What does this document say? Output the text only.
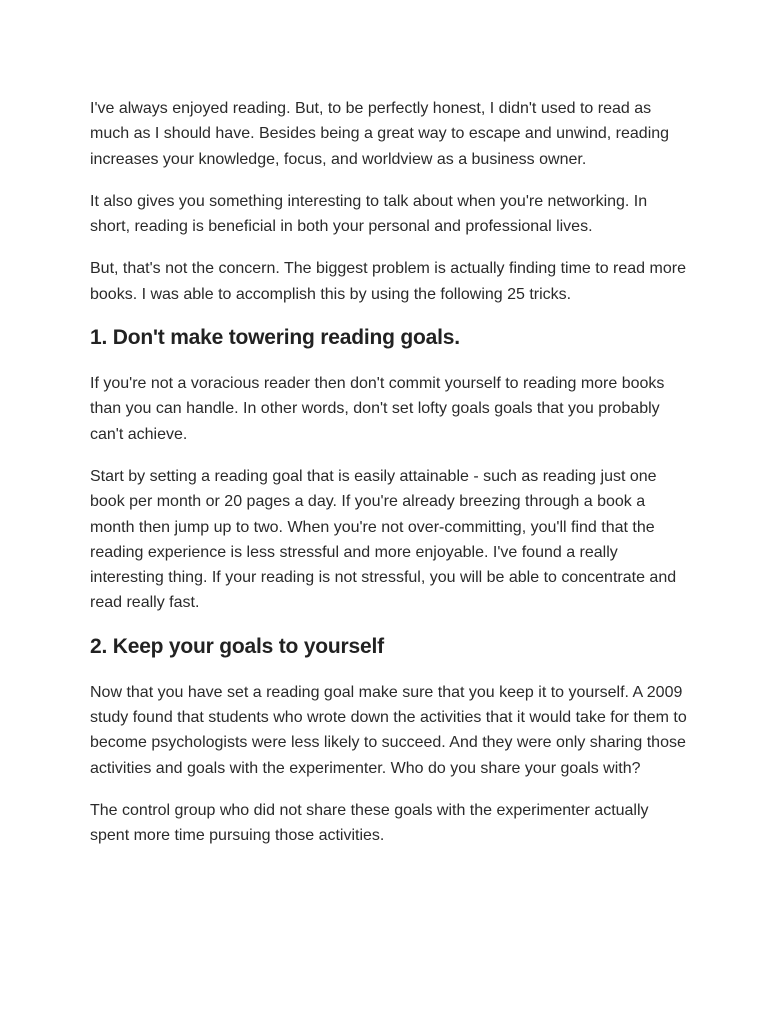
I've always enjoyed reading. But, to be perfectly honest, I didn't used to read as much as I should have. Besides being a great way to escape and unwind, reading increases your knowledge, focus, and worldview as a business owner.

It also gives you something interesting to talk about when you're networking. In short, reading is beneficial in both your personal and professional lives.

But, that's not the concern. The biggest problem is actually finding time to read more books. I was able to accomplish this by using the following 25 tricks.

1. Don't make towering reading goals.

If you're not a voracious reader then don't commit yourself to reading more books than you can handle. In other words, don't set lofty goals goals that you probably can't achieve.

Start by setting a reading goal that is easily attainable - such as reading just one book per month or 20 pages a day. If you're already breezing through a book a month then jump up to two. When you're not over-committing, you'll find that the reading experience is less stressful and more enjoyable. I've found a really interesting thing. If your reading is not stressful, you will be able to concentrate and read really fast.

2. Keep your goals to yourself

Now that you have set a reading goal make sure that you keep it to yourself. A 2009 study found that students who wrote down the activities that it would take for them to become psychologists were less likely to succeed. And they were only sharing those activities and goals with the experimenter. Who do you share your goals with?

The control group who did not share these goals with the experimenter actually spent more time pursuing those activities.
